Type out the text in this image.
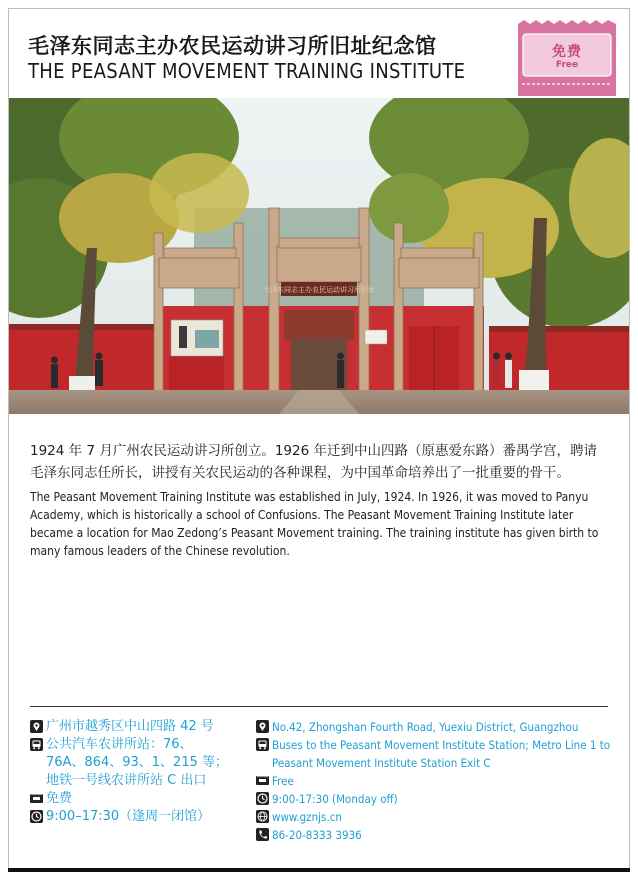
毛泽东同志主办农民运动讲习所旧址纪念馆
THE PEASANT MOVEMENT TRAINING INSTITUTE
免费
Free
毛泽东同志主办农民运动讲习所旧址

1924 年 7 月广州农民运动讲习所创立。1926 年迁到中山四路（原惠爱东路）番禺学宫，聘请毛泽东同志任所长，讲授有关农民运动的各种课程，为中国革命培养出了一批重要的骨干。

The Peasant Movement Training Institute was established in July, 1924. In 1926, it was moved to Panyu Academy, which is historically a school of Confusions. The Peasant Movement Training Institute later became a location for Mao Zedong’s Peasant Movement training. The training institute has given birth to many famous leaders of the Chinese revolution.

广州市越秀区中山四路 42 号
公共汽车农讲所站：76、76A、864、93、1、215 等；地铁一号线农讲所站 C 出口
免费
9:00–17:30（逢周一闭馆）
No.42, Zhongshan Fourth Road, Yuexiu District, Guangzhou
Buses to the Peasant Movement Institute Station; Metro Line 1 to Peasant Movement Institute Station Exit C
Free
9:00-17:30 (Monday off)
www.gznjs.cn
86-20-8333 3936
